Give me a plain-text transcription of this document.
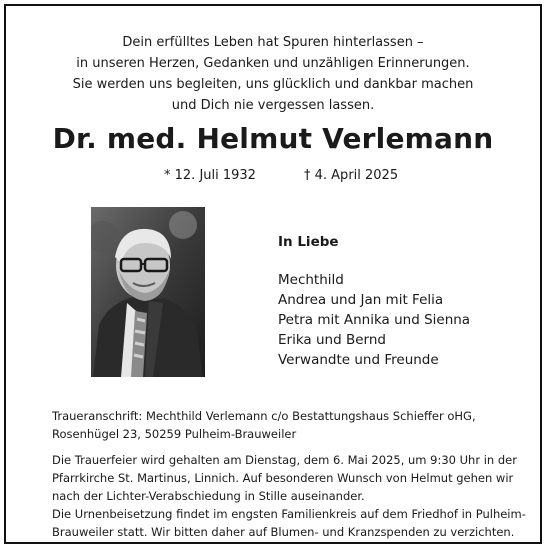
Dein erfülltes Leben hat Spuren hinterlassen –
in unseren Herzen, Gedanken und unzähligen Erinnerungen.
Sie werden uns begleiten, uns glücklich und dankbar machen
und Dich nie vergessen lassen.
Dr. med. Helmut Verlemann
* 12. Juli 1932	† 4. April 2025
In Liebe
Mechthild
Andrea und Jan mit Felia
Petra mit Annika und Sienna
Erika und Bernd
Verwandte und Freunde
Traueranschrift: Mechthild Verlemann c/o Bestattungshaus Schieffer oHG,
Rosenhügel 23, 50259 Pulheim-Brauweiler
Die Trauerfeier wird gehalten am Dienstag, dem 6. Mai 2025, um 9:30 Uhr in der
Pfarrkirche St. Martinus, Linnich. Auf besonderen Wunsch von Helmut gehen wir
nach der Lichter-Verabschiedung in Stille auseinander.
Die Urnenbeisetzung findet im engsten Familienkreis auf dem Friedhof in Pulheim-
Brauweiler statt. Wir bitten daher auf Blumen- und Kranzspenden zu verzichten.
